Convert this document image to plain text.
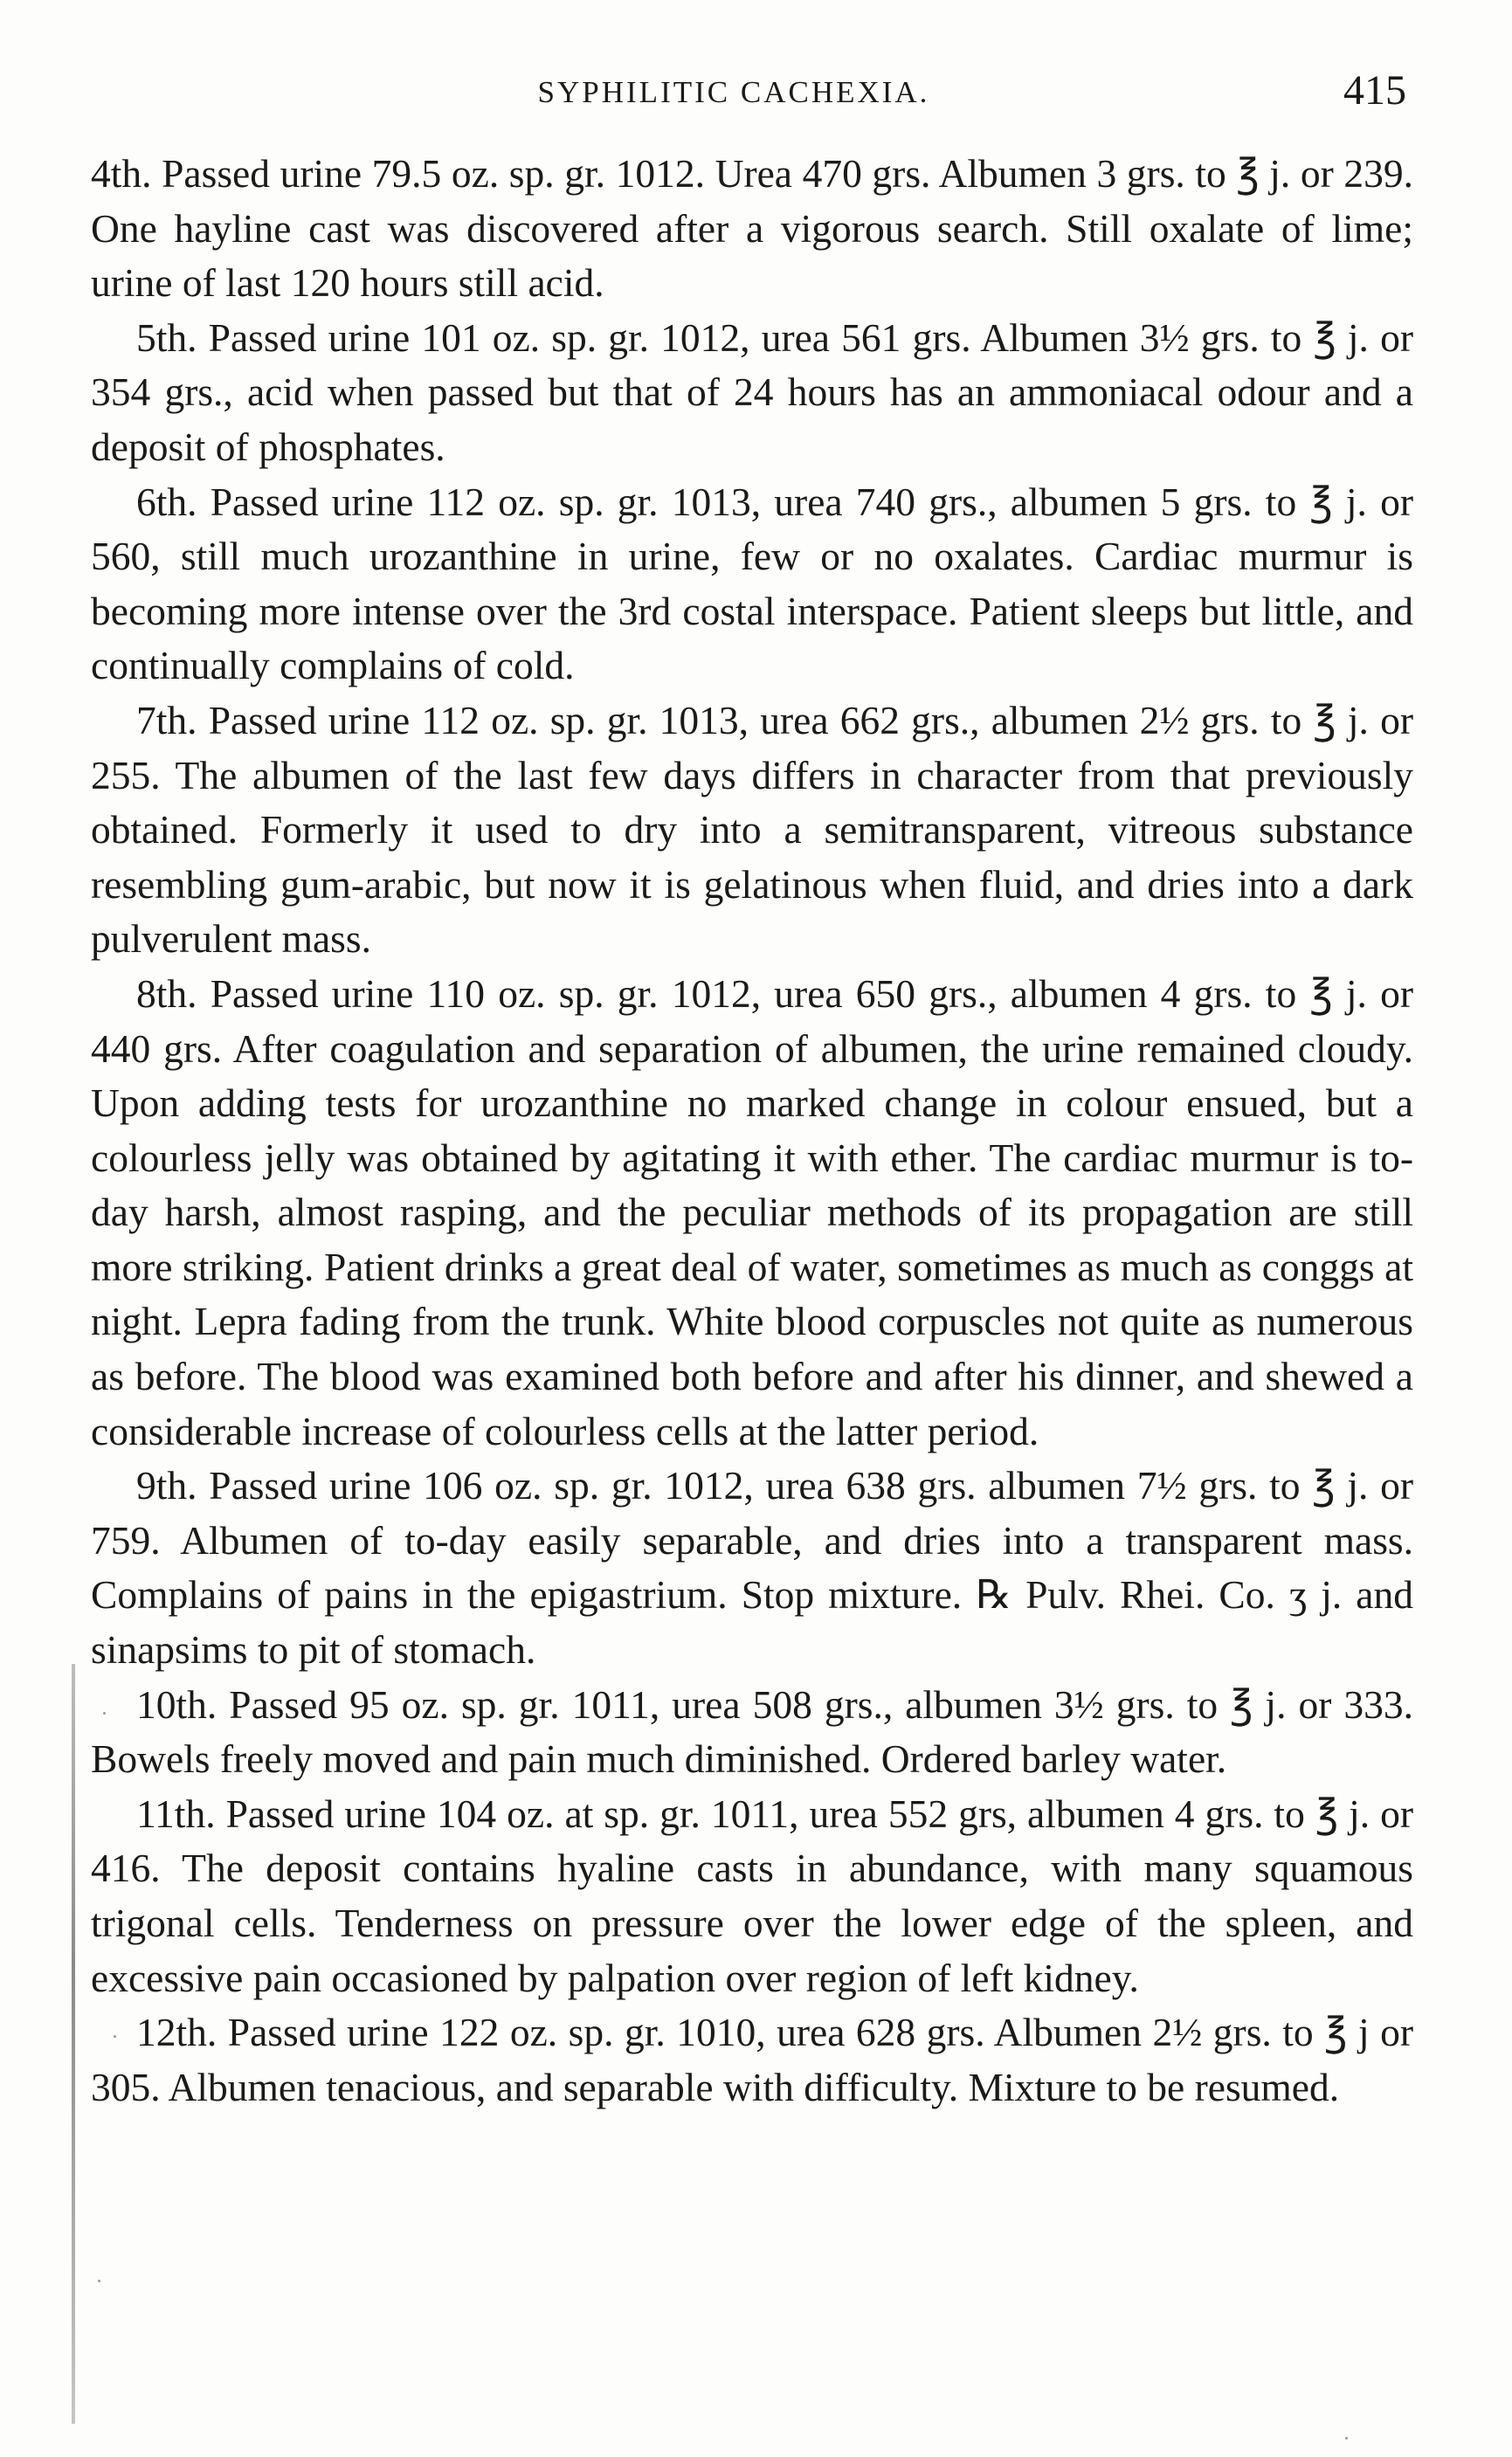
SYPHILITIC CACHEXIA.	415

4th. Passed urine 79.5 oz. sp. gr. 1012. Urea 470 grs. Albumen 3 grs. to ℥ j. or 239. One hayline cast was discovered after a vigorous search. Still oxalate of lime; urine of last 120 hours still acid.

5th. Passed urine 101 oz. sp. gr. 1012, urea 561 grs. Albumen 3½ grs. to ℥ j. or 354 grs., acid when passed but that of 24 hours has an ammoniacal odour and a deposit of phosphates.

6th. Passed urine 112 oz. sp. gr. 1013, urea 740 grs., albumen 5 grs. to ℥ j. or 560, still much urozanthine in urine, few or no oxalates. Cardiac murmur is becoming more intense over the 3rd costal interspace. Patient sleeps but little, and continually complains of cold.

7th. Passed urine 112 oz. sp. gr. 1013, urea 662 grs., albumen 2½ grs. to ℥ j. or 255. The albumen of the last few days differs in character from that previously obtained. Formerly it used to dry into a semitransparent, vitreous substance resembling gum-arabic, but now it is gelatinous when fluid, and dries into a dark pulverulent mass.

8th. Passed urine 110 oz. sp. gr. 1012, urea 650 grs., albumen 4 grs. to ℥ j. or 440 grs. After coagulation and separation of albumen, the urine remained cloudy. Upon adding tests for urozanthine no marked change in colour ensued, but a colourless jelly was obtained by agitating it with ether. The cardiac murmur is to-day harsh, almost rasping, and the peculiar methods of its propagation are still more striking. Patient drinks a great deal of water, sometimes as much as conggs at night. Lepra fading from the trunk. White blood corpuscles not quite as numerous as before. The blood was examined both before and after his dinner, and shewed a considerable increase of colourless cells at the latter period.

9th. Passed urine 106 oz. sp. gr. 1012, urea 638 grs. albumen 7½ grs. to ℥ j. or 759. Albumen of to-day easily separable, and dries into a transparent mass. Complains of pains in the epigastrium. Stop mixture. ℞ Pulv. Rhei. Co. ʒ j. and sinapsims to pit of stomach.

10th. Passed 95 oz. sp. gr. 1011, urea 508 grs., albumen 3½ grs. to ℥ j. or 333. Bowels freely moved and pain much diminished. Ordered barley water.

11th. Passed urine 104 oz. at sp. gr. 1011, urea 552 grs, albumen 4 grs. to ℥ j. or 416. The deposit contains hyaline casts in abundance, with many squamous trigonal cells. Tenderness on pressure over the lower edge of the spleen, and excessive pain occasioned by palpation over region of left kidney.

12th. Passed urine 122 oz. sp. gr. 1010, urea 628 grs. Albumen 2½ grs. to ℥ j or 305. Albumen tenacious, and separable with difficulty. Mixture to be resumed.
